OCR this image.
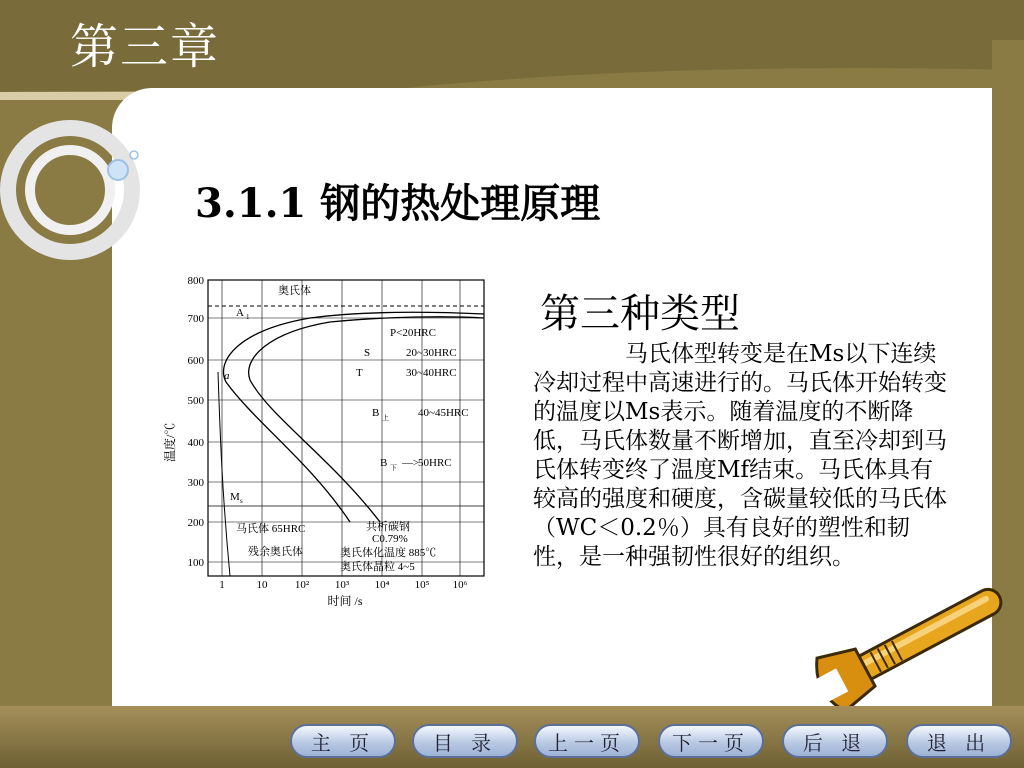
第三章
3.1.1 钢的热处理原理
800
700
600
500
400
300
200
100
1	10 10² 10³ 10⁴ 10⁵ 10⁶
时间 /s
温度/℃
奥氏体
A 1
a
M s
P<20HRC
S	20~30HRC
T	30~40HRC
B 上	40~45HRC
B 下 —>
50HRC
马氏体 65HRC	共析碳钢
C0.79%
残余奥氏体	奥氏体化温度 885℃
奥氏体晶粒 4~5
第三种类型
马氏体型转变是在Ms以下连续冷却过程中高速进行的。马氏体开始转变的温度以Ms表示。随着温度的不断降低，马氏体数量不断增加，直至冷却到马氏体转变终了温度Mf结束。马氏体具有较高的强度和硬度，含碳量较低的马氏体（WC＜0.2％）具有良好的塑性和韧性，是一种强韧性很好的组织。
主 页	目 录	上一页	下一页	后 退	退 出
